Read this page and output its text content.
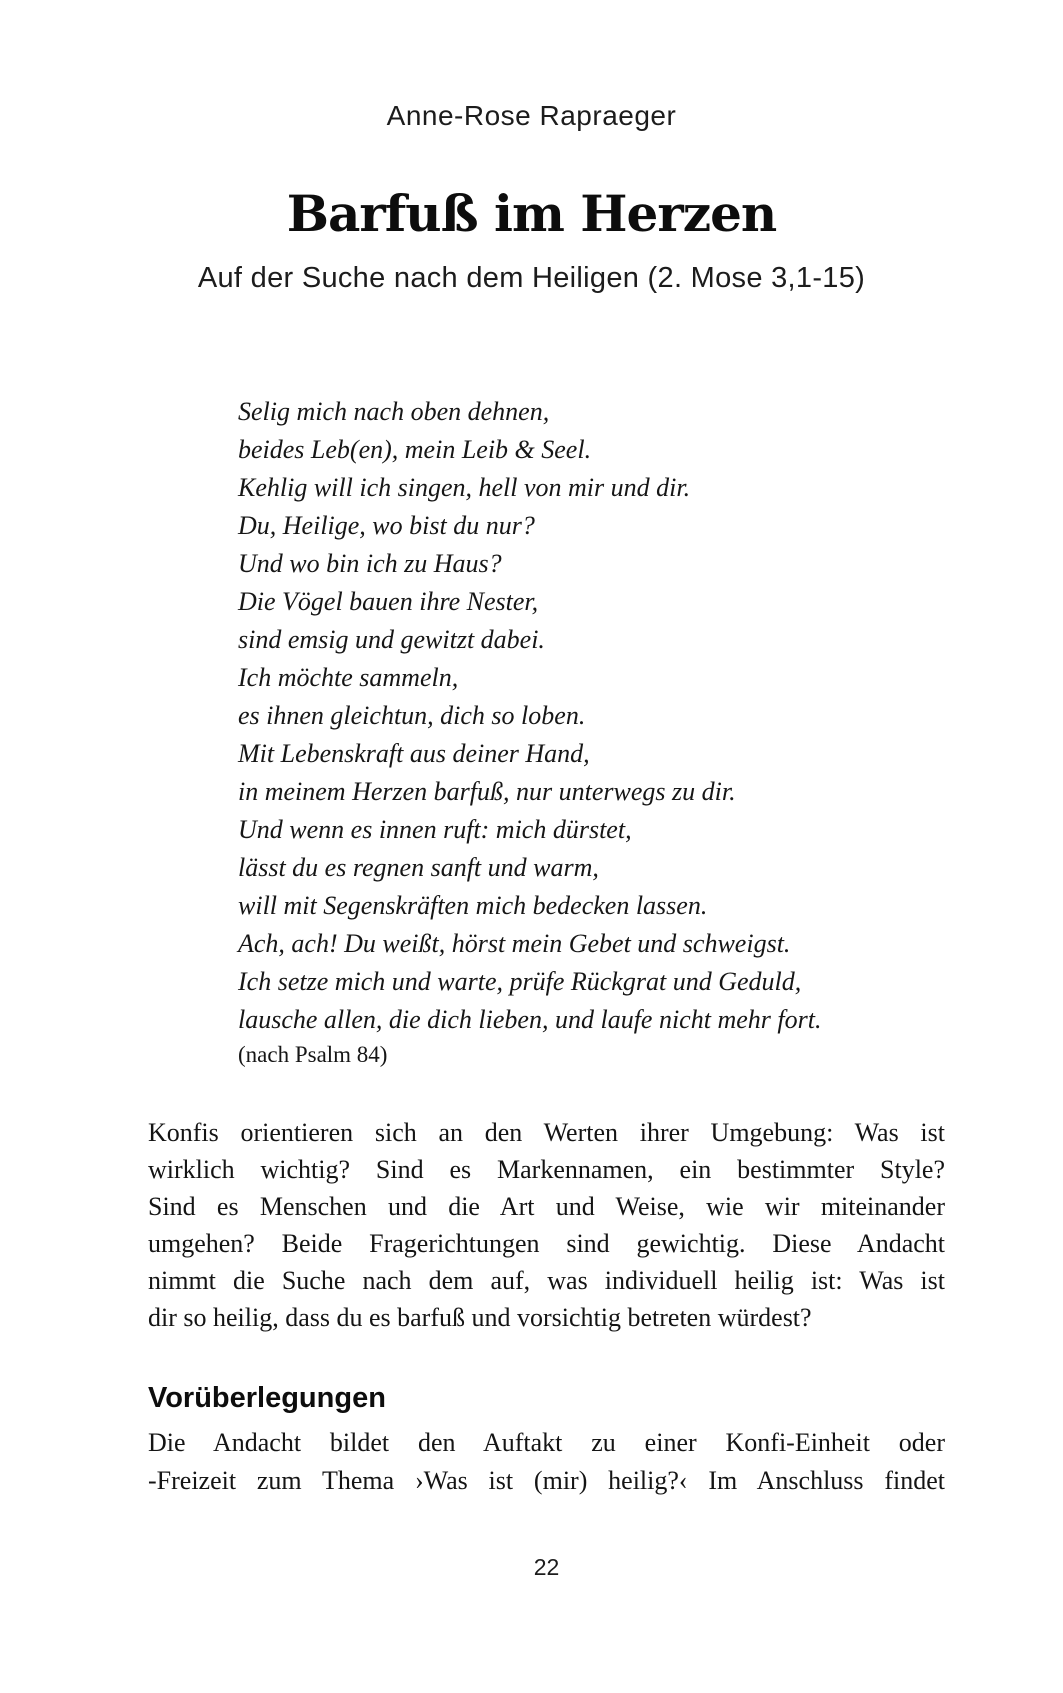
Anne-Rose Rapraeger
Barfuß im Herzen
Auf der Suche nach dem Heiligen (2. Mose 3,1-15)
Selig mich nach oben dehnen,
beides Leb(en), mein Leib & Seel.
Kehlig will ich singen, hell von mir und dir.
Du, Heilige, wo bist du nur?
Und wo bin ich zu Haus?
Die Vögel bauen ihre Nester,
sind emsig und gewitzt dabei.
Ich möchte sammeln,
es ihnen gleichtun, dich so loben.
Mit Lebenskraft aus deiner Hand,
in meinem Herzen barfuß, nur unterwegs zu dir.
Und wenn es innen ruft: mich dürstet,
lässt du es regnen sanft und warm,
will mit Segenskräften mich bedecken lassen.
Ach, ach! Du weißt, hörst mein Gebet und schweigst.
Ich setze mich und warte, prüfe Rückgrat und Geduld,
lausche allen, die dich lieben, und laufe nicht mehr fort.
(nach Psalm 84)
Konfis orientieren sich an den Werten ihrer Umgebung: Was ist
wirklich wichtig? Sind es Markennamen, ein bestimmter Style?
Sind es Menschen und die Art und Weise, wie wir miteinander
umgehen? Beide Fragerichtungen sind gewichtig. Diese Andacht
nimmt die Suche nach dem auf, was individuell heilig ist: Was ist
dir so heilig, dass du es barfuß und vorsichtig betreten würdest?
Vorüberlegungen
Die Andacht bildet den Auftakt zu einer Konfi-Einheit oder
-Freizeit zum Thema ›Was ist (mir) heilig?‹ Im Anschluss findet
22
